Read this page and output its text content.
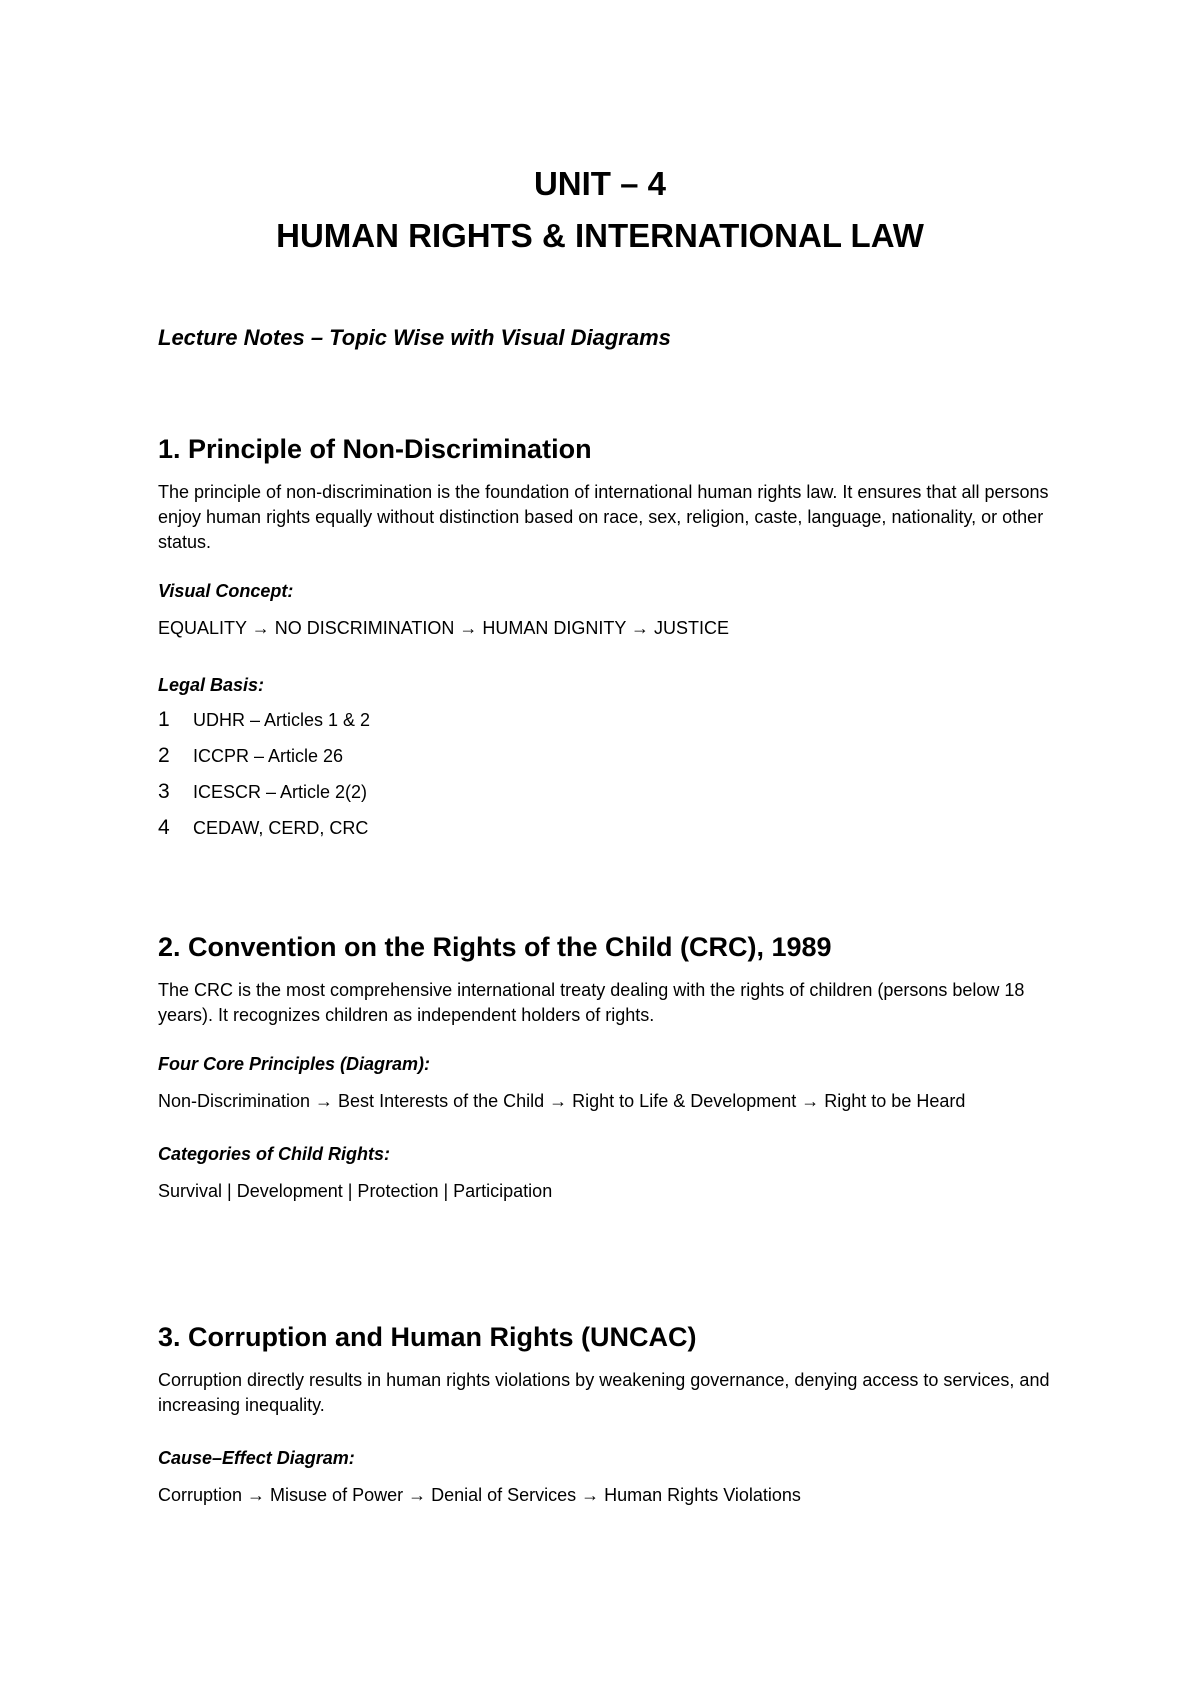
UNIT – 4
HUMAN RIGHTS & INTERNATIONAL LAW
Lecture Notes – Topic Wise with Visual Diagrams
1. Principle of Non-Discrimination

The principle of non-discrimination is the foundation of international human rights law. It ensures that all persons enjoy human rights equally without distinction based on race, sex, religion, caste, language, nationality, or other status.

Visual Concept:
EQUALITY → NO DISCRIMINATION → HUMAN DIGNITY → JUSTICE
Legal Basis:
1	UDHR – Articles 1 & 2
2	ICCPR – Article 26
3	ICESCR – Article 2(2)
4	CEDAW, CERD, CRC
2. Convention on the Rights of the Child (CRC), 1989

The CRC is the most comprehensive international treaty dealing with the rights of children (persons below 18 years). It recognizes children as independent holders of rights.

Four Core Principles (Diagram):
Non-Discrimination → Best Interests of the Child → Right to Life & Development → Right to be Heard
Categories of Child Rights:
Survival | Development | Protection | Participation
3. Corruption and Human Rights (UNCAC)

Corruption directly results in human rights violations by weakening governance, denying access to services, and increasing inequality.

Cause–Effect Diagram:
Corruption → Misuse of Power → Denial of Services → Human Rights Violations
